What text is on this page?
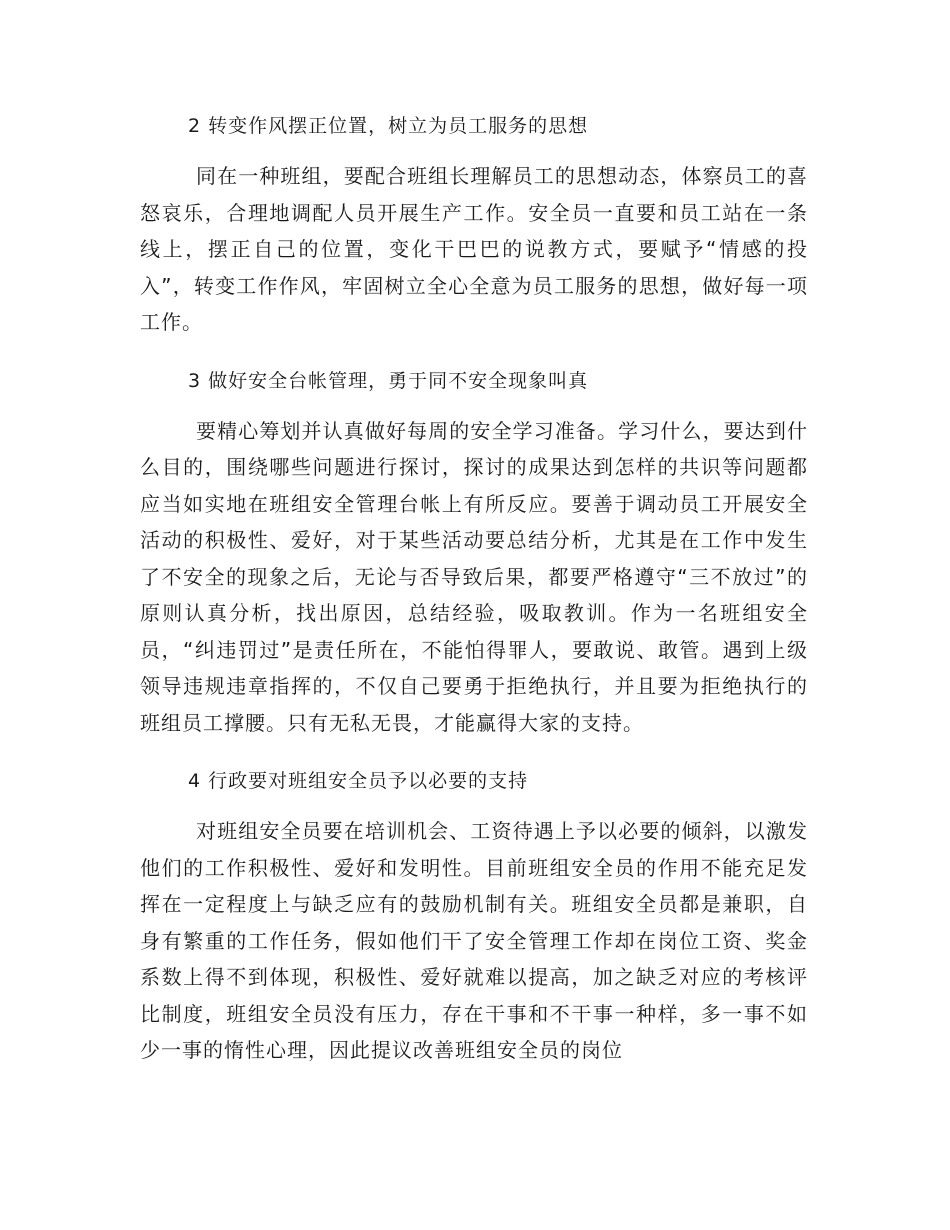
2 转变作风摆正位置，树立为员工服务的思想

同在一种班组，要配合班组长理解员工的思想动态，体察员工的喜怒哀乐，合理地调配人员开展生产工作。安全员一直要和员工站在一条线上，摆正自己的位置，变化干巴巴的说教方式，要赋予“情感的投入”，转变工作作风，牢固树立全心全意为员工服务的思想，做好每一项工作。

3 做好安全台帐管理，勇于同不安全现象叫真

要精心筹划并认真做好每周的安全学习准备。学习什么，要达到什么目的，围绕哪些问题进行探讨，探讨的成果达到怎样的共识等问题都应当如实地在班组安全管理台帐上有所反应。要善于调动员工开展安全活动的积极性、爱好，对于某些活动要总结分析，尤其是在工作中发生了不安全的现象之后，无论与否导致后果，都要严格遵守“三不放过”的原则认真分析，找出原因，总结经验，吸取教训。作为一名班组安全员，“纠违罚过”是责任所在，不能怕得罪人，要敢说、敢管。遇到上级领导违规违章指挥的，不仅自己要勇于拒绝执行，并且要为拒绝执行的班组员工撑腰。只有无私无畏，才能赢得大家的支持。

4 行政要对班组安全员予以必要的支持

对班组安全员要在培训机会、工资待遇上予以必要的倾斜，以激发他们的工作积极性、爱好和发明性。目前班组安全员的作用不能充足发挥在一定程度上与缺乏应有的鼓励机制有关。班组安全员都是兼职，自身有繁重的工作任务，假如他们干了安全管理工作却在岗位工资、奖金系数上得不到体现，积极性、爱好就难以提高，加之缺乏对应的考核评比制度，班组安全员没有压力，存在干事和不干事一种样，多一事不如少一事的惰性心理，因此提议改善班组安全员的岗位
